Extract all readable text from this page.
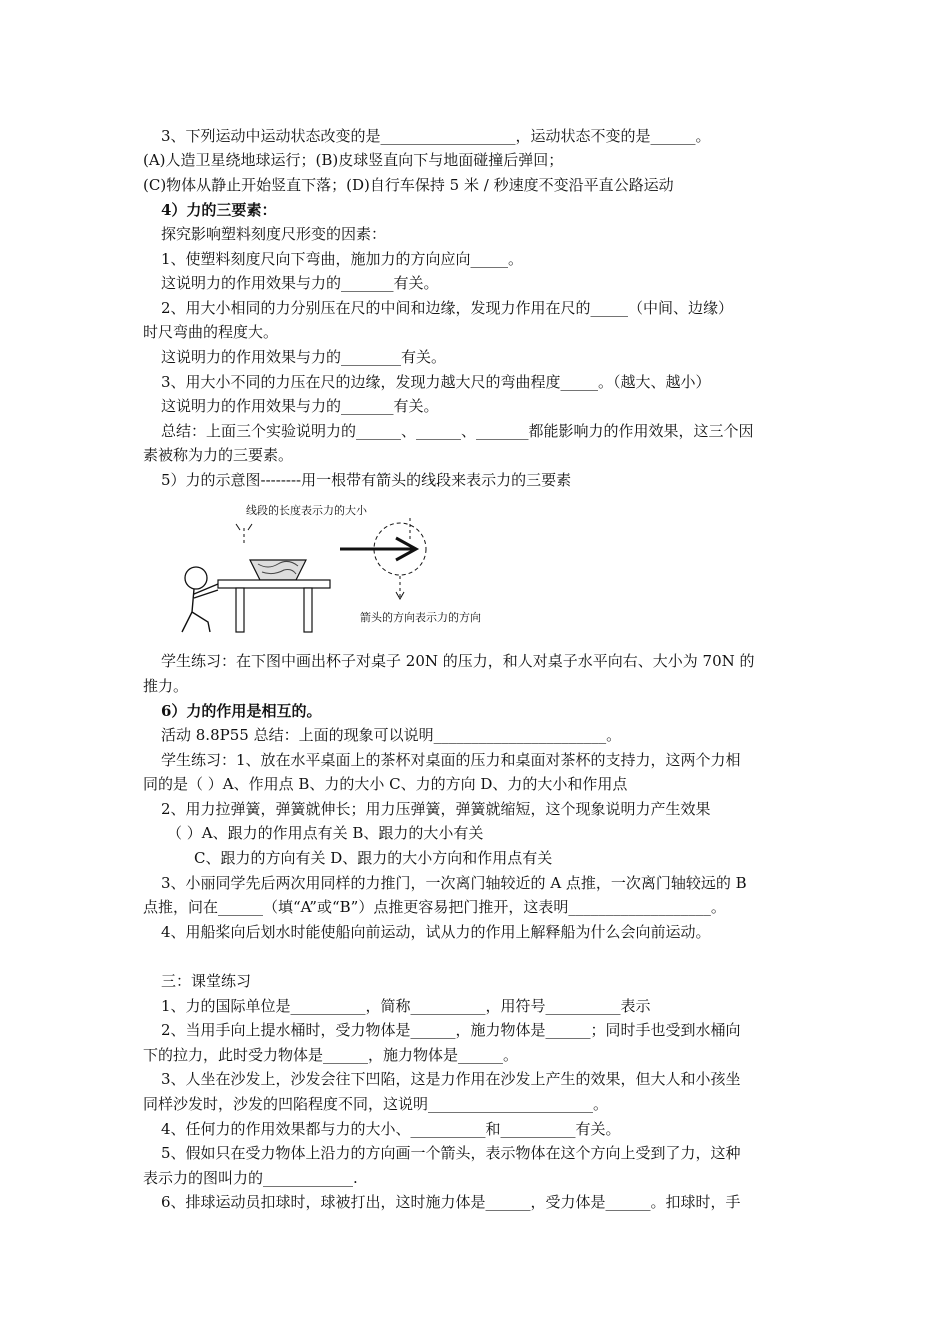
3、下列运动中运动状态改变的是__________________，运动状态不变的是______。
(A)人造卫星绕地球运行；(B)皮球竖直向下与地面碰撞后弹回；
(C)物体从静止开始竖直下落；(D)自行车保持 5 米 / 秒速度不变沿平直公路运动
4）力的三要素：
探究影响塑料刻度尺形变的因素：
1、使塑料刻度尺向下弯曲，施加力的方向应向_____。
这说明力的作用效果与力的_______有关。
2、用大小相同的力分别压在尺的中间和边缘，发现力作用在尺的_____（中间、边缘）
时尺弯曲的程度大。
这说明力的作用效果与力的________有关。
3、用大小不同的力压在尺的边缘，发现力越大尺的弯曲程度_____。（越大、越小）
这说明力的作用效果与力的_______有关。
总结：上面三个实验说明力的______、______、_______都能影响力的作用效果，这三个因
素被称为力的三要素。
5）力的示意图--------用一根带有箭头的线段来表示力的三要素
线段的长度表示力的大小
箭头的方向表示力的方向
学生练习：在下图中画出杯子对桌子 20N 的压力，和人对桌子水平向右、大小为 70N 的
推力。
6）力的作用是相互的。
活动 8.8P55 总结：上面的现象可以说明_______________________。
学生练习：1、放在水平桌面上的茶杯对桌面的压力和桌面对茶杯的支持力，这两个力相
同的是（ ）A、作用点 B、力的大小 C、力的方向 D、力的大小和作用点
2、用力拉弹簧，弹簧就伸长；用力压弹簧，弹簧就缩短，这个现象说明力产生效果
（ ）A、跟力的作用点有关 B、跟力的大小有关
C、跟力的方向有关 D、跟力的大小方向和作用点有关
3、小丽同学先后两次用同样的力推门，一次离门轴较近的 A 点推，一次离门轴较远的 B
点推，问在______（填“A”或“B”）点推更容易把门推开，这表明___________________。
4、用船桨向后划水时能使船向前运动，试从力的作用上解释船为什么会向前运动。
三：课堂练习
1、力的国际单位是__________，简称__________，用符号__________表示
2、当用手向上提水桶时，受力物体是______，施力物体是______；同时手也受到水桶向
下的拉力，此时受力物体是______，施力物体是______。
3、人坐在沙发上，沙发会往下凹陷，这是力作用在沙发上产生的效果，但大人和小孩坐
同样沙发时，沙发的凹陷程度不同，这说明______________________。
4、任何力的作用效果都与力的大小、__________和__________有关。
5、假如只在受力物体上沿力的方向画一个箭头，表示物体在这个方向上受到了力，这种
表示力的图叫力的____________.
6、排球运动员扣球时，球被打出，这时施力体是______，受力体是______。扣球时，手
